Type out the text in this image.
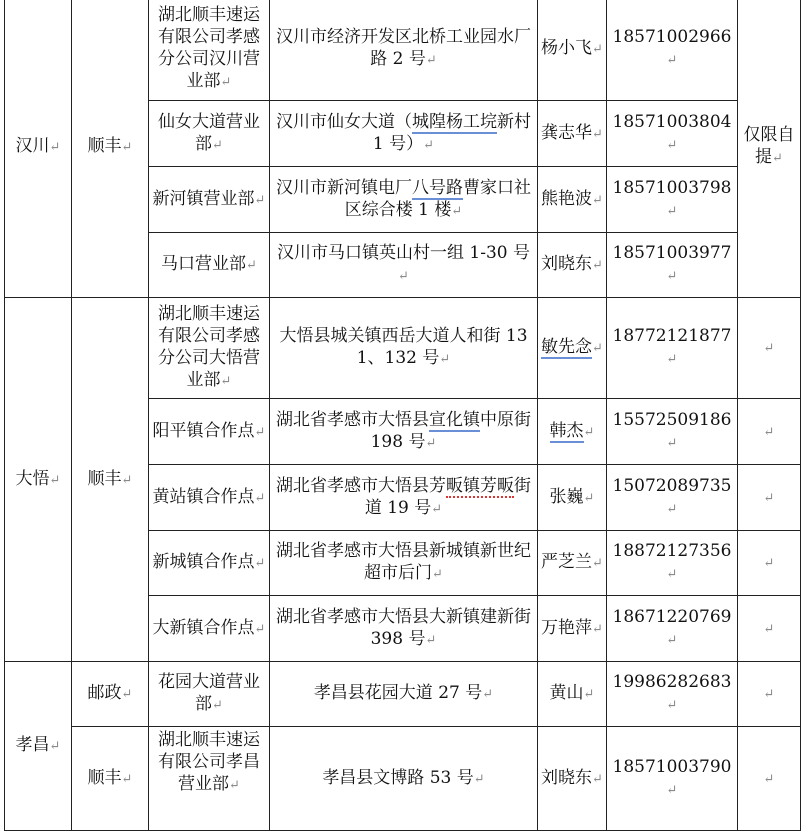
汉川↵	顺丰↵	湖北顺丰速运有限公司孝感分公司汉川营业部↵	汉川市经济开发区北桥工业园水厂路 2 号↵	杨小飞↵	18571002966↵	仅限自提↵
		仙女大道营业部↵	汉川市仙女大道（城隍杨工垸新村 1 号）↵	龚志华↵	18571003804↵	
		新河镇营业部↵	汉川市新河镇电厂八号路曹家口社区综合楼 1 楼↵	熊艳波↵	18571003798↵	
		马口营业部↵	汉川市马口镇英山村一组 1-30 号↵	刘晓东↵	18571003977↵	
大悟↵	顺丰↵	湖北顺丰速运有限公司孝感分公司大悟营业部↵	大悟县城关镇西岳大道人和街 131、132 号↵	敏先念↵	18772121877↵	↵
		阳平镇合作点↵	湖北省孝感市大悟县宣化镇中原街 198 号↵	韩杰↵	15572509186↵	↵
		黄站镇合作点↵	湖北省孝感市大悟县芳畈镇芳畈街道 19 号↵	张巍↵	15072089735↵	↵
		新城镇合作点↵	湖北省孝感市大悟县新城镇新世纪超市后门↵	严芝兰↵	18872127356↵	↵
		大新镇合作点↵	湖北省孝感市大悟县大新镇建新街 398 号↵	万艳萍↵	18671220769↵	↵
孝昌↵	邮政↵	花园大道营业部↵	孝昌县花园大道 27 号↵	黄山↵	19986282683↵	↵
	顺丰↵	湖北顺丰速运有限公司孝昌营业部↵	孝昌县文博路 53 号↵	刘晓东↵	18571003790↵	↵
